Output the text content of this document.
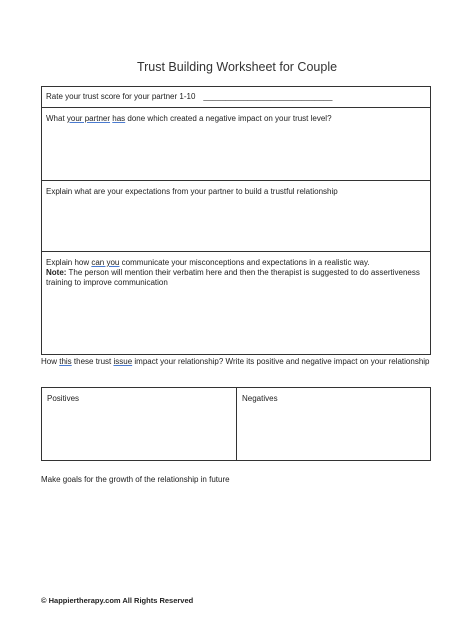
Trust Building Worksheet for Couple
Rate your trust score for your partner 1-10 _____________________________
What your partner has done which created a negative impact on your trust level?
Explain what are your expectations from your partner to build a trustful relationship
Explain how can you communicate your misconceptions and expectations in a realistic way.
Note: The person will mention their verbatim here and then the therapist is suggested to do assertiveness training to improve communication
How this these trust issue impact your relationship? Write its positive and negative impact on your relationship
Positives	Negatives
Make goals for the growth of the relationship in future
© Happiertherapy.com All Rights Reserved
